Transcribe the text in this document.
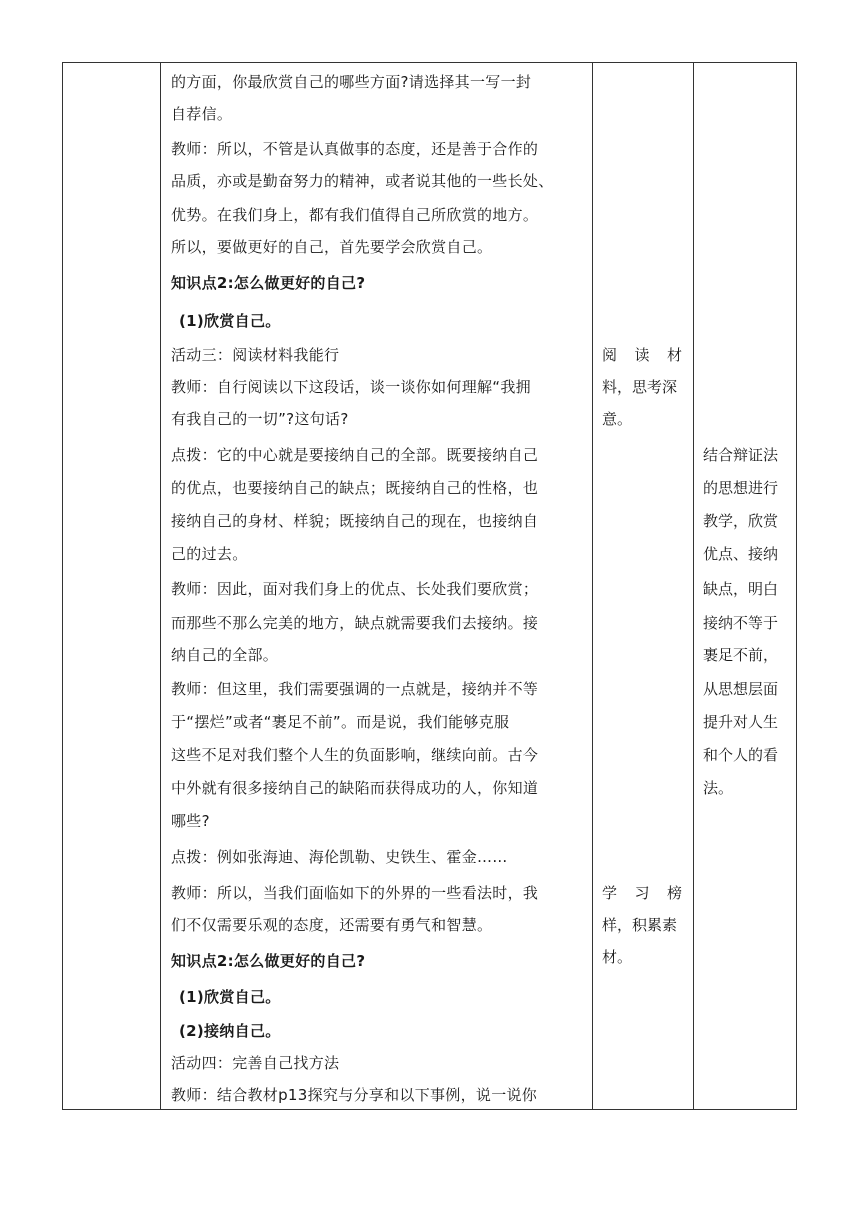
的方面，你最欣赏自己的哪些方面?请选择其一写一封

自荐信。

教师：所以，不管是认真做事的态度，还是善于合作的

品质，亦或是勤奋努力的精神，或者说其他的一些长处、

优势。在我们身上，都有我们值得自己所欣赏的地方。

所以，要做更好的自己，首先要学会欣赏自己。

知识点2:怎么做更好的自己?

(1)欣赏自己。

活动三：阅读材料我能行

教师：自行阅读以下这段话，谈一谈你如何理解“我拥

有我自己的一切”?这句话?

点拨：它的中心就是要接纳自己的全部。既要接纳自己

的优点，也要接纳自己的缺点；既接纳自己的性格，也

接纳自己的身材、样貌；既接纳自己的现在，也接纳自

己的过去。

教师：因此，面对我们身上的优点、长处我们要欣赏；

而那些不那么完美的地方，缺点就需要我们去接纳。接

纳自己的全部。

教师：但这里，我们需要强调的一点就是，接纳并不等

于“摆烂”或者“裹足不前”。而是说，我们能够克服

这些不足对我们整个人生的负面影响，继续向前。古今

中外就有很多接纳自己的缺陷而获得成功的人，你知道

哪些?

点拨：例如张海迪、海伦凯勒、史铁生、霍金……

教师：所以，当我们面临如下的外界的一些看法时，我

们不仅需要乐观的态度，还需要有勇气和智慧。

知识点2:怎么做更好的自己?

(1)欣赏自己。

(2)接纳自己。

活动四：完善自己找方法

教师：结合教材p13探究与分享和以下事例，说一说你

阅 读 材

料，思考深

意。

学 习 榜

样，积累素

材。

结合辩证法

的思想进行

教学，欣赏

优点、接纳

缺点，明白

接纳不等于

裹足不前，

从思想层面

提升对人生

和个人的看

法。
